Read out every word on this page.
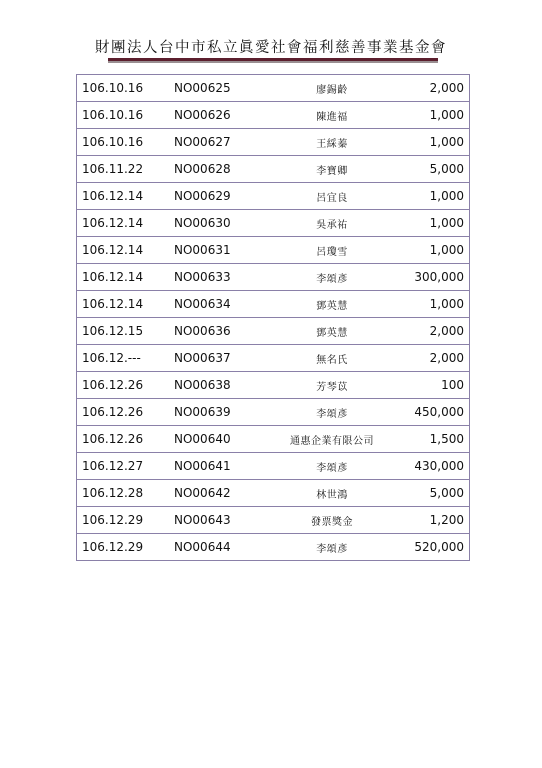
財團法人台中市私立眞愛社會福利慈善事業基金會
106.10.16	NO00625	廖錫齡	2,000
106.10.16	NO00626	陳進福	1,000
106.10.16	NO00627	王綵蓁	1,000
106.11.22	NO00628	李寶卿	5,000
106.12.14	NO00629	呂宜良	1,000
106.12.14	NO00630	吳承祐	1,000
106.12.14	NO00631	呂瓊雪	1,000
106.12.14	NO00633	李頌彥	300,000
106.12.14	NO00634	鄧英慧	1,000
106.12.15	NO00636	鄧英慧	2,000
106.12.---	NO00637	無名氏	2,000
106.12.26	NO00638	芳琴苡	100
106.12.26	NO00639	李頌彥	450,000
106.12.26	NO00640	通惠企業有限公司	1,500
106.12.27	NO00641	李頌彥	430,000
106.12.28	NO00642	林世鴻	5,000
106.12.29	NO00643	發票獎金	1,200
106.12.29	NO00644	李頌彥	520,000
